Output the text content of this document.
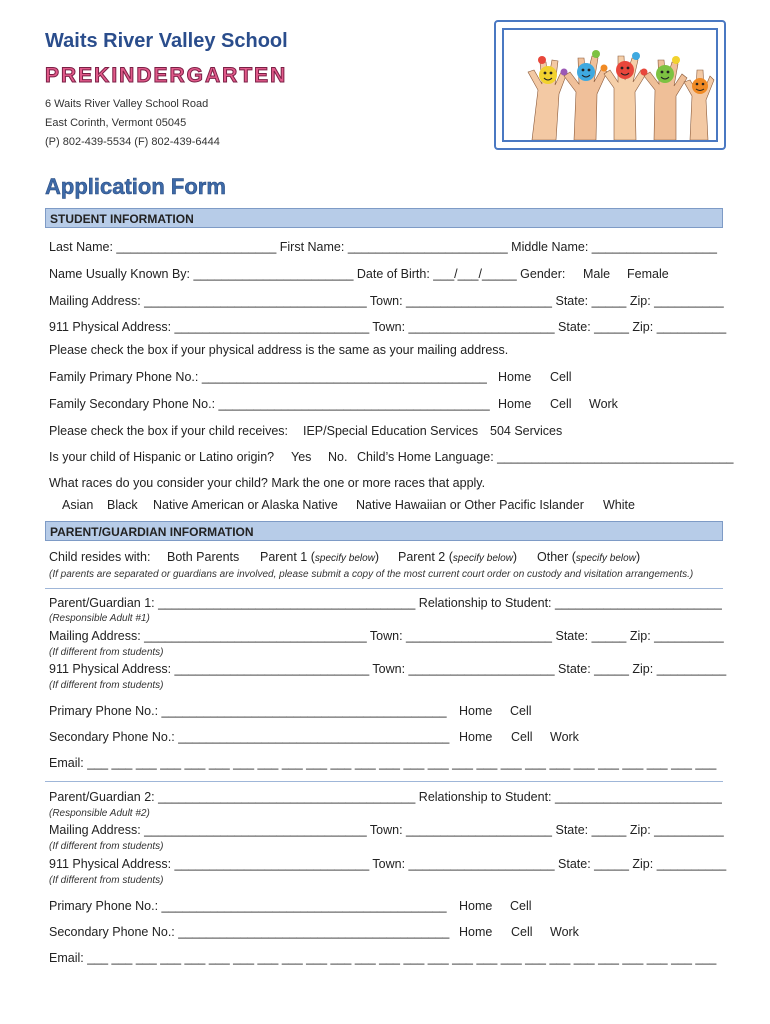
Waits River Valley School
PREKINDERGARTEN
6 Waits River Valley School Road
East Corinth, Vermont 05045
(P) 802-439-5534 (F) 802-439-6444
Application Form
STUDENT INFORMATION
Last Name: _______________________ First Name: _______________________ Middle Name: __________________
Name Usually Known By: _______________________ Date of Birth: ___/___/_____ Gender: Male Female
Mailing Address: ________________________________ Town: _____________________ State: _____ Zip: __________
911 Physical Address: ____________________________ Town: _____________________ State: _____ Zip: __________
Please check the box if your physical address is the same as your mailing address.
Family Primary Phone No.: _________________________________________ Home Cell
Family Secondary Phone No.: _______________________________________ Home Cell Work
Please check the box if your child receives: IEP/Special Education Services 504 Services
Is your child of Hispanic or Latino origin? Yes No. Child’s Home Language: __________________________________
What races do you consider your child? Mark the one or more races that apply.
Asian Black Native American or Alaska Native Native Hawaiian or Other Pacific Islander White
PARENT/GUARDIAN INFORMATION
Child resides with: Both Parents Parent 1 (specify below) Parent 2 (specify below) Other (specify below)
(If parents are separated or guardians are involved, please submit a copy of the most current court order on custody and visitation arrangements.)
Parent/Guardian 1: _____________________________________ Relationship to Student: ________________________
(Responsible Adult #1)
Mailing Address: ________________________________ Town: _____________________ State: _____ Zip: __________
(If different from students)
911 Physical Address: ____________________________ Town: _____________________ State: _____ Zip: __________
(If different from students)
Primary Phone No.: _________________________________________ Home Cell
Secondary Phone No.: _______________________________________ Home Cell Work
Email: ___ ___ ___ ___ ___ ___ ___ ___ ___ ___ ___ ___ ___ ___ ___ ___ ___ ___ ___ ___ ___ ___ ___ ___ ___ ___
Parent/Guardian 2: _____________________________________ Relationship to Student: ________________________
(Responsible Adult #2)
Mailing Address: ________________________________ Town: _____________________ State: _____ Zip: __________
(If different from students)
911 Physical Address: ____________________________ Town: _____________________ State: _____ Zip: __________
(If different from students)
Primary Phone No.: _________________________________________ Home Cell
Secondary Phone No.: _______________________________________ Home Cell Work
Email: ___ ___ ___ ___ ___ ___ ___ ___ ___ ___ ___ ___ ___ ___ ___ ___ ___ ___ ___ ___ ___ ___ ___ ___ ___ ___
